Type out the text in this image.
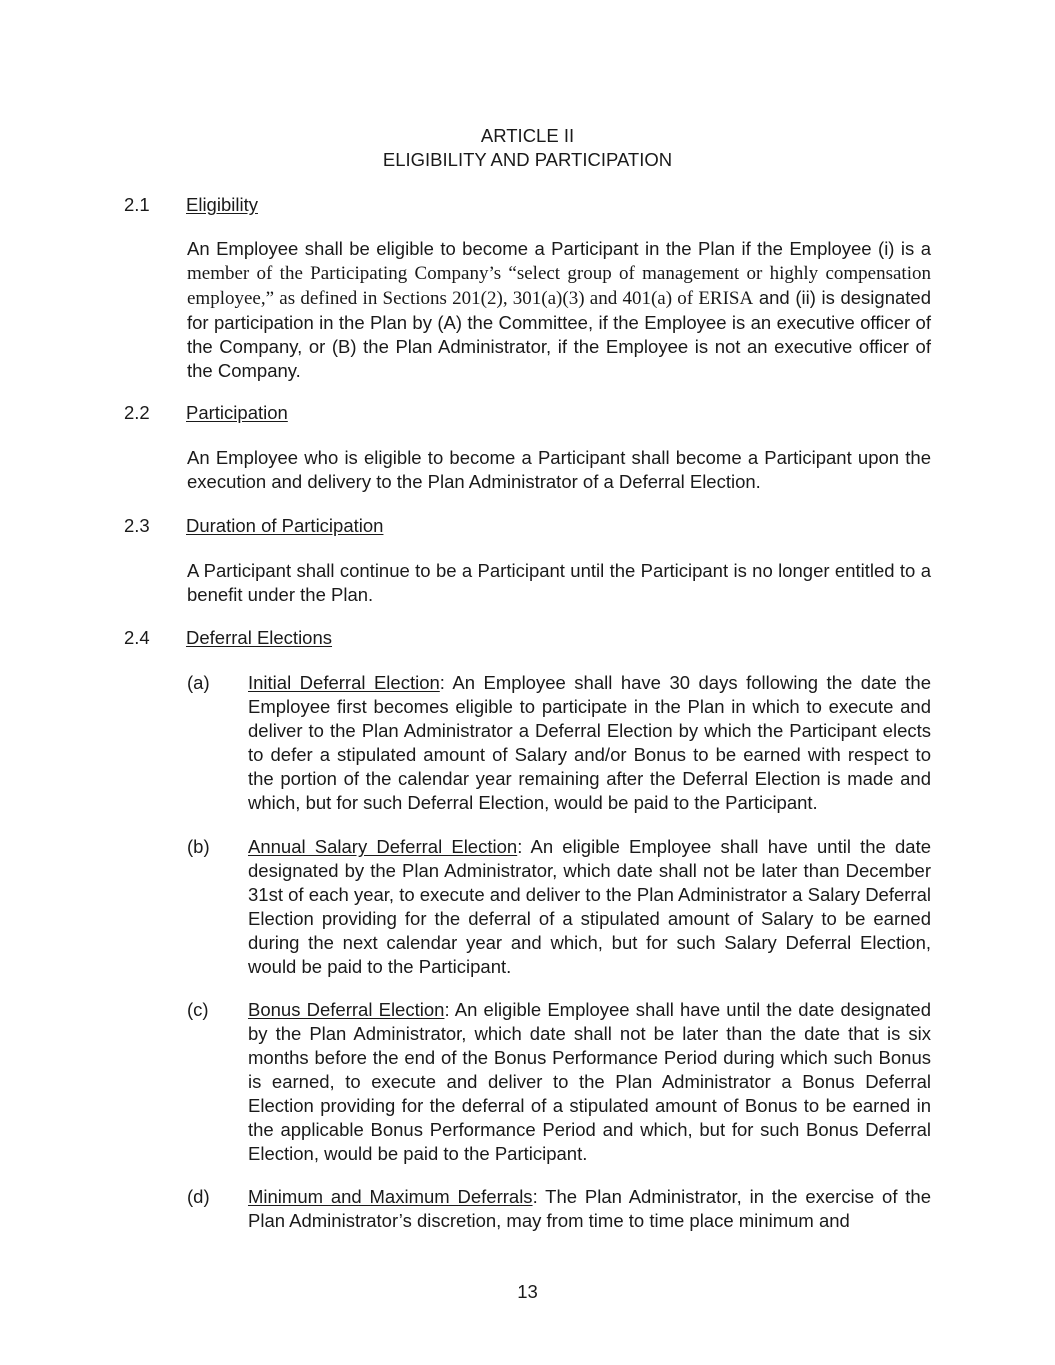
ARTICLE II
ELIGIBILITY AND PARTICIPATION
2.1 Eligibility
An Employee shall be eligible to become a Participant in the Plan if the Employee (i) is a member of the Participating Company’s “select group of management or highly compensation employee,” as defined in Sections 201(2), 301(a)(3) and 401(a) of ERISA and (ii) is designated for participation in the Plan by (A) the Committee, if the Employee is an executive officer of the Company, or (B) the Plan Administrator, if the Employee is not an executive officer of the Company.
2.2 Participation
An Employee who is eligible to become a Participant shall become a Participant upon the execution and delivery to the Plan Administrator of a Deferral Election.
2.3 Duration of Participation
A Participant shall continue to be a Participant until the Participant is no longer entitled to a benefit under the Plan.
2.4 Deferral Elections
(a) Initial Deferral Election: An Employee shall have 30 days following the date the Employee first becomes eligible to participate in the Plan in which to execute and deliver to the Plan Administrator a Deferral Election by which the Participant elects to defer a stipulated amount of Salary and/or Bonus to be earned with respect to the portion of the calendar year remaining after the Deferral Election is made and which, but for such Deferral Election, would be paid to the Participant.
(b) Annual Salary Deferral Election: An eligible Employee shall have until the date designated by the Plan Administrator, which date shall not be later than December 31st of each year, to execute and deliver to the Plan Administrator a Salary Deferral Election providing for the deferral of a stipulated amount of Salary to be earned during the next calendar year and which, but for such Salary Deferral Election, would be paid to the Participant.
(c) Bonus Deferral Election: An eligible Employee shall have until the date designated by the Plan Administrator, which date shall not be later than the date that is six months before the end of the Bonus Performance Period during which such Bonus is earned, to execute and deliver to the Plan Administrator a Bonus Deferral Election providing for the deferral of a stipulated amount of Bonus to be earned in the applicable Bonus Performance Period and which, but for such Bonus Deferral Election, would be paid to the Participant.
(d) Minimum and Maximum Deferrals: The Plan Administrator, in the exercise of the Plan Administrator’s discretion, may from time to time place minimum and
13
